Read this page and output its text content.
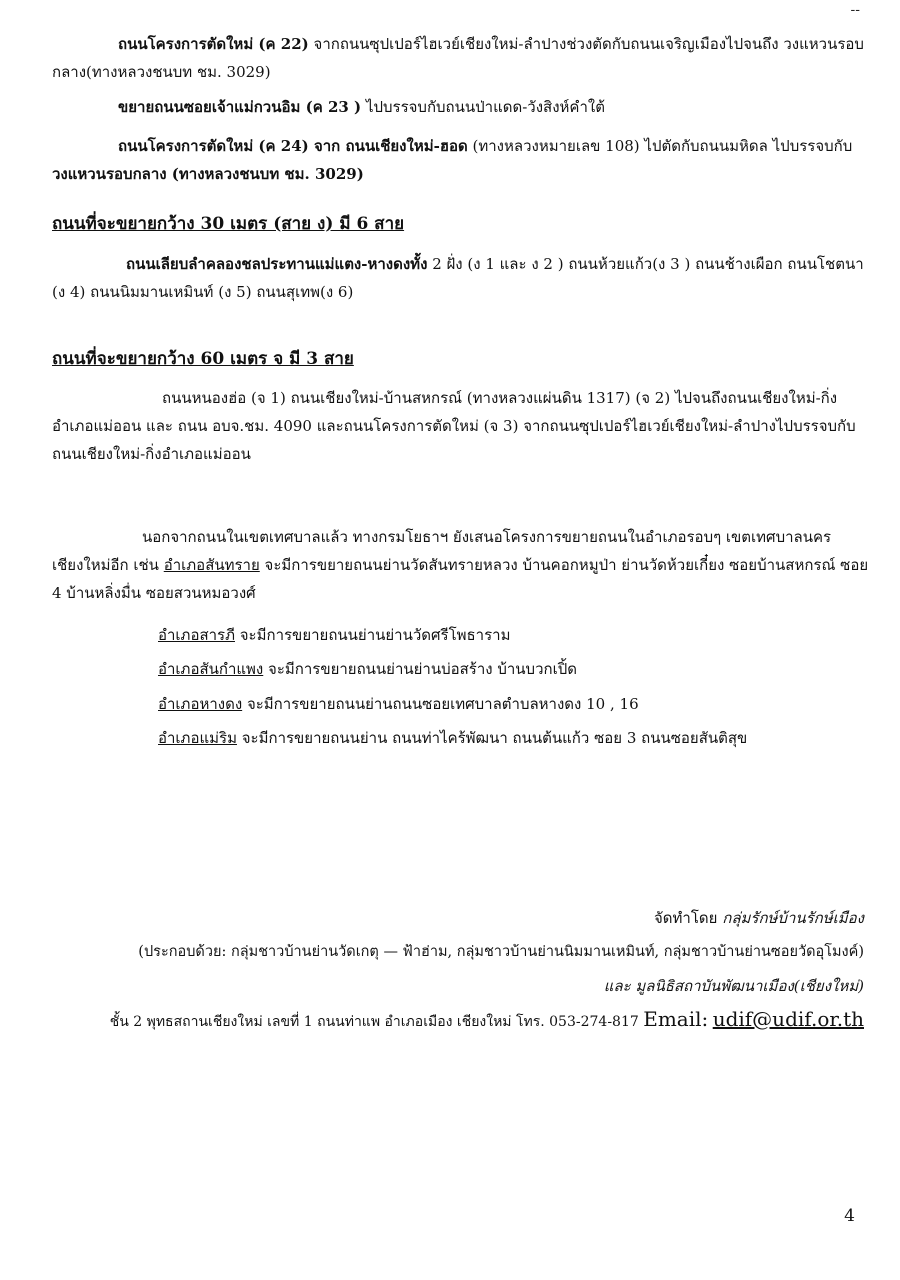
--
ถนนโครงการตัดใหม่ (ค 22) จากถนนซุปเปอร์ไฮเวย์เชียงใหม่-ลำปางช่วงตัดกับถนนเจริญเมืองไปจนถึง วงแหวนรอบกลาง(ทางหลวงชนบท ชม. 3029)
ขยายถนนซอยเจ้าแม่กวนอิม (ค 23 ) ไปบรรจบกับถนนป่าแดด-วังสิงห์คำใต้
ถนนโครงการตัดใหม่ (ค 24) จาก ถนนเชียงใหม่-ฮอด (ทางหลวงหมายเลข 108) ไปตัดกับถนนมหิดล ไปบรรจบกับ วงแหวนรอบกลาง (ทางหลวงชนบท ชม. 3029)
ถนนที่จะขยายกว้าง 30 เมตร (สาย ง) มี 6 สาย
ถนนเลียบลำคลองชลประทานแม่แตง-หางดงทั้ง 2 ฝั่ง (ง 1 และ ง 2 ) ถนนห้วยแก้ว(ง 3 ) ถนนช้างเผือก ถนนโชตนา (ง 4) ถนนนิมมานเหมินท์ (ง 5) ถนนสุเทพ(ง 6)
ถนนที่จะขยายกว้าง 60 เมตร จ มี 3 สาย
ถนนหนองฮ่อ (จ 1) ถนนเชียงใหม่-บ้านสหกรณ์ (ทางหลวงแผ่นดิน 1317) (จ 2) ไปจนถึงถนนเชียงใหม่-กิ่งอำเภอแม่ออน และ ถนน อบจ.ชม. 4090 และถนนโครงการตัดใหม่ (จ 3) จากถนนซุปเปอร์ไฮเวย์เชียงใหม่-ลำปางไปบรรจบกับถนนเชียงใหม่-กิ่งอำเภอแม่ออน
นอกจากถนนในเขตเทศบาลแล้ว ทางกรมโยธาฯ ยังเสนอโครงการขยายถนนในอำเภอรอบๆ เขตเทศบาลนครเชียงใหม่อีก เช่น อำเภอสันทราย จะมีการขยายถนนย่านวัดสันทรายหลวง บ้านคอกหมูป่า ย่านวัดห้วยเกี๋ยง ซอยบ้านสหกรณ์ ซอย 4 บ้านหลิ่งมื่น ซอยสวนหมอวงศ์
อำเภอสารภี จะมีการขยายถนนย่านย่านวัดศรีโพธาราม
อำเภอสันกำแพง จะมีการขยายถนนย่านย่านบ่อสร้าง บ้านบวกเปิ้ด
อำเภอหางดง จะมีการขยายถนนย่านถนนซอยเทศบาลตำบลหางดง 10 , 16
อำเภอแม่ริม จะมีการขยายถนนย่าน ถนนท่าไคร้พัฒนา ถนนต้นแก้ว ซอย 3 ถนนซอยสันติสุข
จัดทำโดย กลุ่มรักษ์บ้านรักษ์เมือง
(ประกอบด้วย: กลุ่มชาวบ้านย่านวัดเกตุ — ฟ้าฮ่าม, กลุ่มชาวบ้านย่านนิมมานเหมินท์, กลุ่มชาวบ้านย่านซอยวัดอุโมงค์)
และ มูลนิธิสถาบันพัฒนาเมือง(เชียงใหม่)
ชั้น 2 พุทธสถานเชียงใหม่ เลขที่ 1 ถนนท่าแพ อำเภอเมือง เชียงใหม่ โทร. 053-274-817 Email: udif@udif.or.th
4
